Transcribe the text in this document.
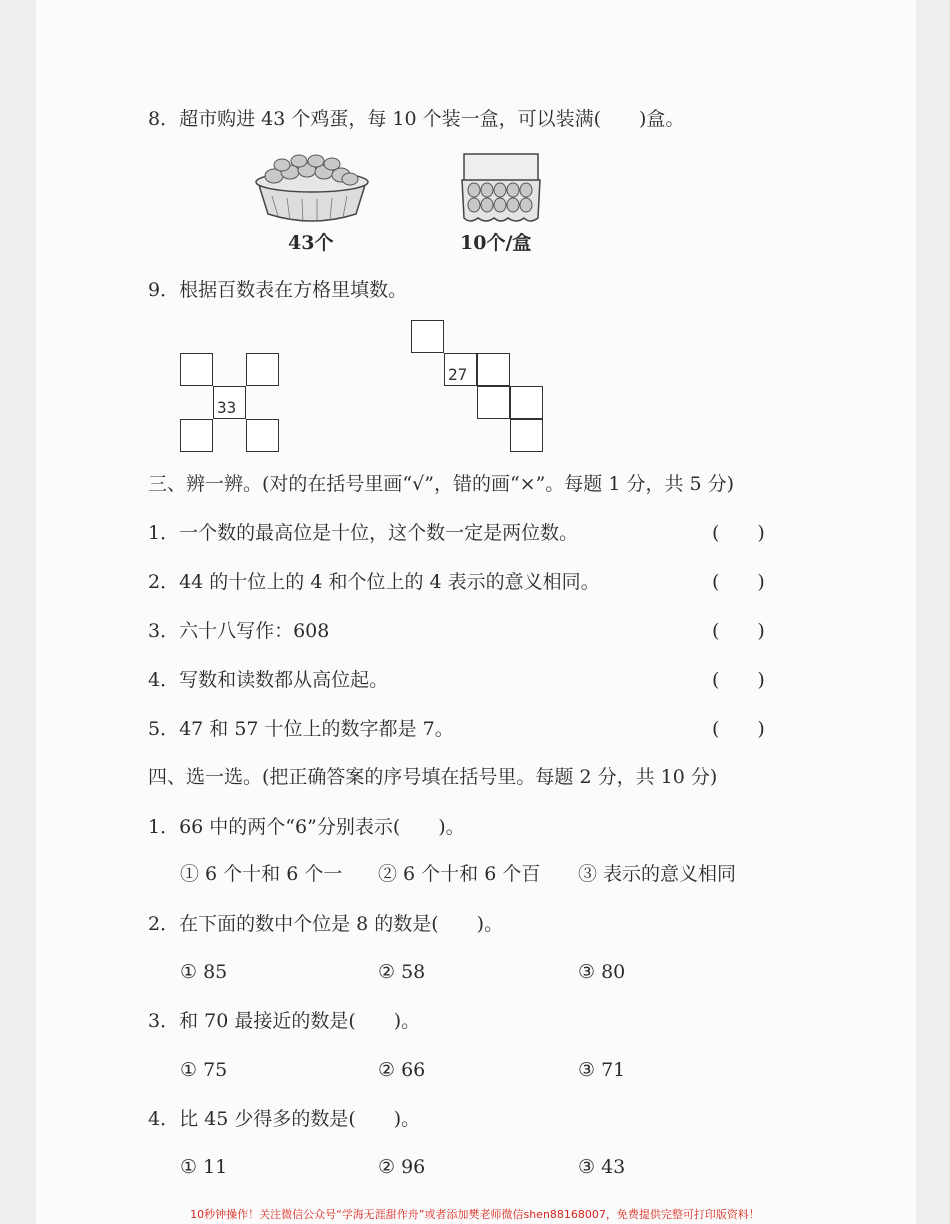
8．超市购进 43 个鸡蛋，每 10 个装一盒，可以装满(　　)盒。
43个	10个/盒
9．根据百数表在方格里填数。
33
27
三、辨一辨。(对的在括号里画“√”，错的画“×”。每题 1 分，共 5 分)
1．一个数的最高位是十位，这个数一定是两位数。	(　　)
2．44 的十位上的 4 和个位上的 4 表示的意义相同。	(　　)
3．六十八写作：608	(　　)
4．写数和读数都从高位起。	(　　)
5．47 和 57 十位上的数字都是 7。	(　　)
四、选一选。(把正确答案的序号填在括号里。每题 2 分，共 10 分)
1．66 中的两个“6”分别表示(　　)。
① 6 个十和 6 个一 ② 6 个十和 6 个百 ③ 表示的意义相同
2．在下面的数中个位是 8 的数是(　　)。
① 85	② 58	③ 80
3．和 70 最接近的数是(　　)。
① 75	② 66	③ 71
4．比 45 少得多的数是(　　)。
① 11	② 96	③ 43
10秒钟操作！关注微信公众号“学海无涯甜作舟”或者添加樊老师微信shen88168007，免费提供完整可打印版资料！
